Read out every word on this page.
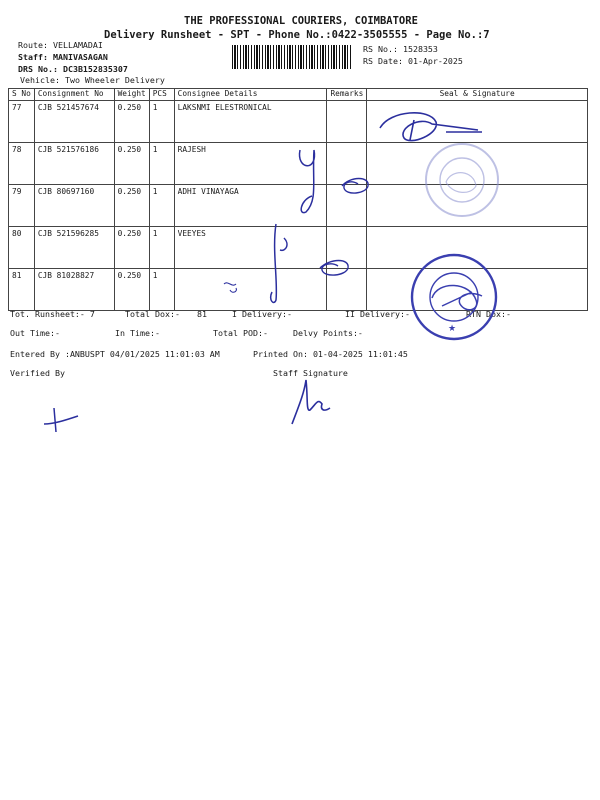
THE PROFESSIONAL COURIERS, COIMBATORE
Delivery Runsheet - SPT - Phone No.:0422-3505555 - Page No.:7
Route: VELLAMADAI
Staff: MANIVASAGAN
DRS No.: DC3B152835307
Vehicle: Two Wheeler Delivery
RS No.: 1528353
RS Date: 01-Apr-2025
S No	Consignment No	Weight	PCS	Consignee Details	Remarks	Seal & Signature
77	CJB 521457674	0.250	1	LAKSNMI ELESTRONICAL		
78	CJB 521576186	0.250	1	RAJESH		
79	CJB 80697160	0.250	1	ADHI VINAYAGA		
80	CJB 521596285	0.250	1	VEEYES		
81	CJB 81028827	0.250	1			
Tot. Runsheet:- 7	Total Dox:- 81	I Delivery:-	II Delivery:-	RTN Dox:-
Out Time:-	In Time:-	Total POD:-	Delvy Points:-
Entered By :ANBUSPT 04/01/2025 11:01:03 AM	Printed On: 01-04-2025 11:01:45
Verified By	Staff Signature
★
